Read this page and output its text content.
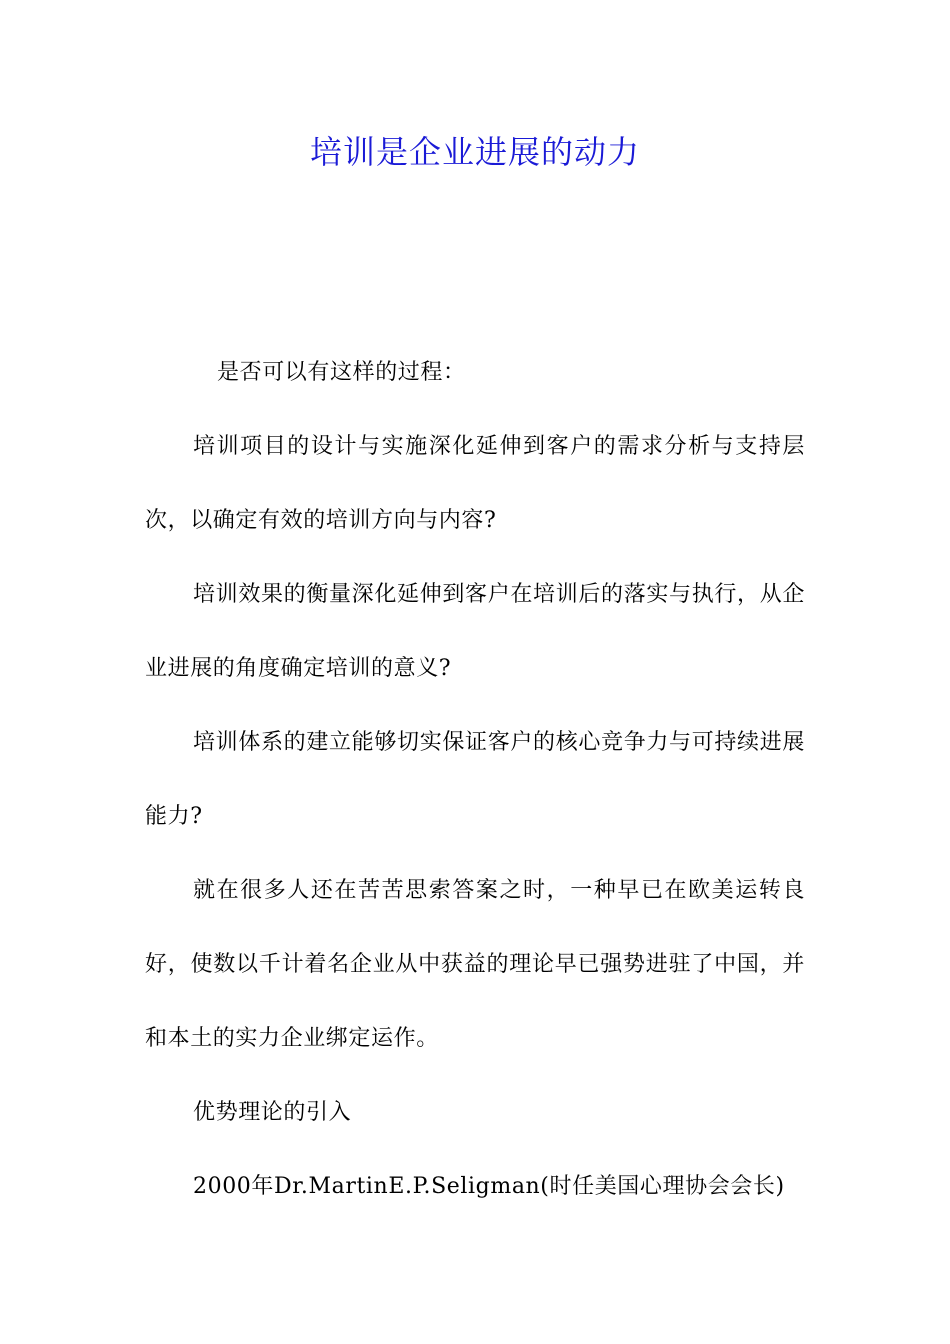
培训是企业进展的动力

是否可以有这样的过程：

培训项目的设计与实施深化延伸到客户的需求分析与支持层次，以确定有效的培训方向与内容?

培训效果的衡量深化延伸到客户在培训后的落实与执行，从企业进展的角度确定培训的意义?

培训体系的建立能够切实保证客户的核心竞争力与可持续进展能力?

就在很多人还在苦苦思索答案之时，一种早已在欧美运转良好，使数以千计着名企业从中获益的理论早已强势进驻了中国，并和本土的实力企业绑定运作。

优势理论的引入

2000年Dr.MartinE.P.Seligman(时任美国心理协会会长)
